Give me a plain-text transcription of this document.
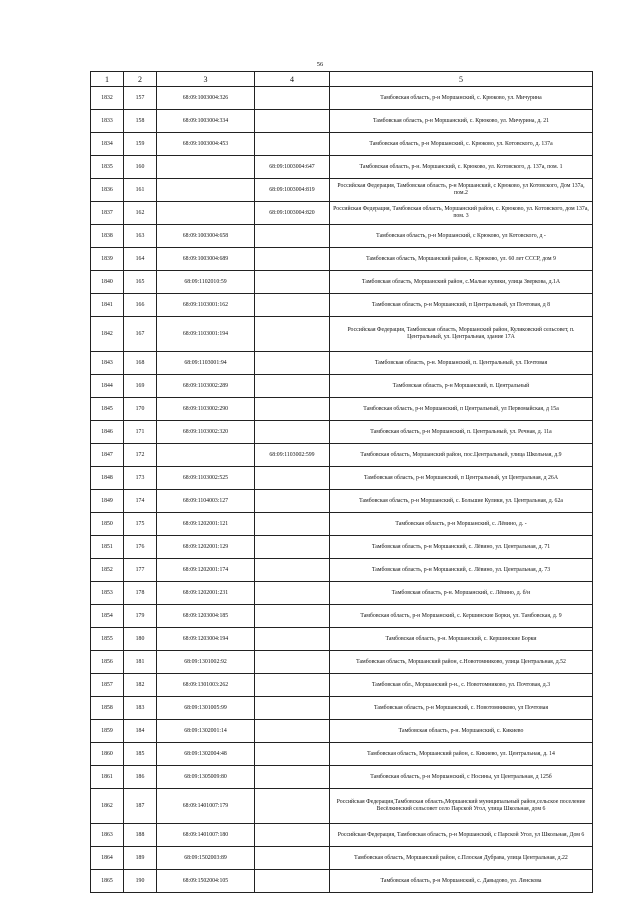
56
1	2	3	4	5
1832	157	68:09:1003004:326		Тамбовская область, р-н Моршанский, с. Крюково, ул. Мичурина
1833	158	68:09:1003004:334		Тамбовская область, р-н Моршанский, с. Крюково, ул. Мичурина, д. 21
1834	159	68:09:1003004:453		Тамбовская область, р-н Моршанский, с. Крюково, ул. Котовского, д. 137а
1835	160		68:09:1003004:647	Тамбовская область, р-н. Моршанский, с. Крюково, ул. Котовского, д. 137а, пом. 1
1836	161		68:09:1003004:819	Российская Федерация, Тамбовская область, р-н Моршанский, с Крюково, ул Котовского, Дом 137а, пом.2
1837	162		68:09:1003004:820	Российская Федерация, Тамбовская область, Моршанский район, с. Крюково, ул. Котовского, дом 137а, пом. 3
1838	163	68:09:1003004:658		Тамбовская область, р-н Моршанский, с Крюково, ул Котовского, д -
1839	164	68:09:1003004:689		Тамбовская область, Моршанский район, с. Крюково, ул. 60 лет СССР, дом 9
1840	165	68:09:1102010:59		Тамбовская область, Моршанский район, с.Малые кулики, улица Зверкова, д.1А
1841	166	68:09:1103001:162		Тамбовская область, р-н Моршанский, п Центральный, ул Почтовая, д 8
1842	167	68:09:1103001:194		Российская Федерация, Тамбовская область, Моршанский район, Куликовский сельсовет, п. Центральный, ул. Центральная, здание 17А
1843	168	68:09:1103001:94		Тамбовская область, р-н. Моршанский, п. Центральный, ул. Почтовая
1844	169	68:09:1103002:289		Тамбовская область, р-н Моршанский, п. Центральный
1845	170	68:09:1103002:290		Тамбовская область, р-н Моршанский, п Центральный, ул Первомайская, д 15а
1846	171	68:09:1103002:320		Тамбовская область, р-н Моршанский, п. Центральный, ул. Речная, д. 11а
1847	172		68:09:1103002:599	Тамбовская область, Моршанский район, пос.Центральный, улица Школьная, д.9
1848	173	68:09:1103002:525		Тамбовская область, р-н Моршанский, п Центральный, ул Центральная, д 26А
1849	174	68:09:1104003:127		Тамбовская область, р-н Моршанский, с. Большие Кулики, ул. Центральная, д. 62а
1850	175	68:09:1202001:121		Тамбовская область, р-н Моршанский, с. Лёвино, д. -
1851	176	68:09:1202001:129		Тамбовская область, р-н Моршанский, с. Лёвино, ул. Центральная, д. 71
1852	177	68:09:1202001:174		Тамбовская область, р-н Моршанский, с. Лёвино, ул. Центральная, д. 73
1853	178	68:09:1202001:231		Тамбовская область, р-н. Моршанский, с. Лёвино, д. б/н
1854	179	68:09:1203004:185		Тамбовская область, р-н Моршанский, с. Кершинские Борки, ул. Тамбовская, д. 9
1855	180	68:09:1203004:194		Тамбовская область, р-н. Моршанский, с. Кершинские Борки
1856	181	68:09:1301002:92		Тамбовская область, Моршанский район, с.Новотомниково, улица Центральная, д.52
1857	182	68:09:1301003:262		Тамбовская обл., Моршанский р-н., с. Новотомниково, ул. Почтовая, д.3
1858	183	68:09:1301005:99		Тамбовская область, р-н Моршанский, с. Новотомниково, ул Почтовая
1859	184	68:09:1302001:14		Тамбовская область, р-н. Моршанский, с. Кикиево
1860	185	68:09:1302004:48		Тамбовская область, Моршанский район, с. Кикиево, ул. Центральная, д. 14
1861	186	68:09:1305009:80		Тамбовская область, р-н Моршанский, с Носины, ул Центральная, д 125б
1862	187	68:09:1401007:179		Российская Федерация,Тамбовская область,Моршанский муниципальный район,сельское поселение Весёлкинский сельсовет село Парской Угол, улица Школьная, дом 6
1863	188	68:09:1401007:180		Российская Федерация, Тамбовская область, р-н Моршанский, с Парской Угол, ул Школьная, Дом 6
1864	189	68:09:1502003:89		Тамбовская область, Моршанский район, с.Плоская Дубрава, улица Центральная, д.22
1865	190	68:09:1502004:105		Тамбовская область, р-н Моршанский, с. Давыдово, ул. Ленскова
